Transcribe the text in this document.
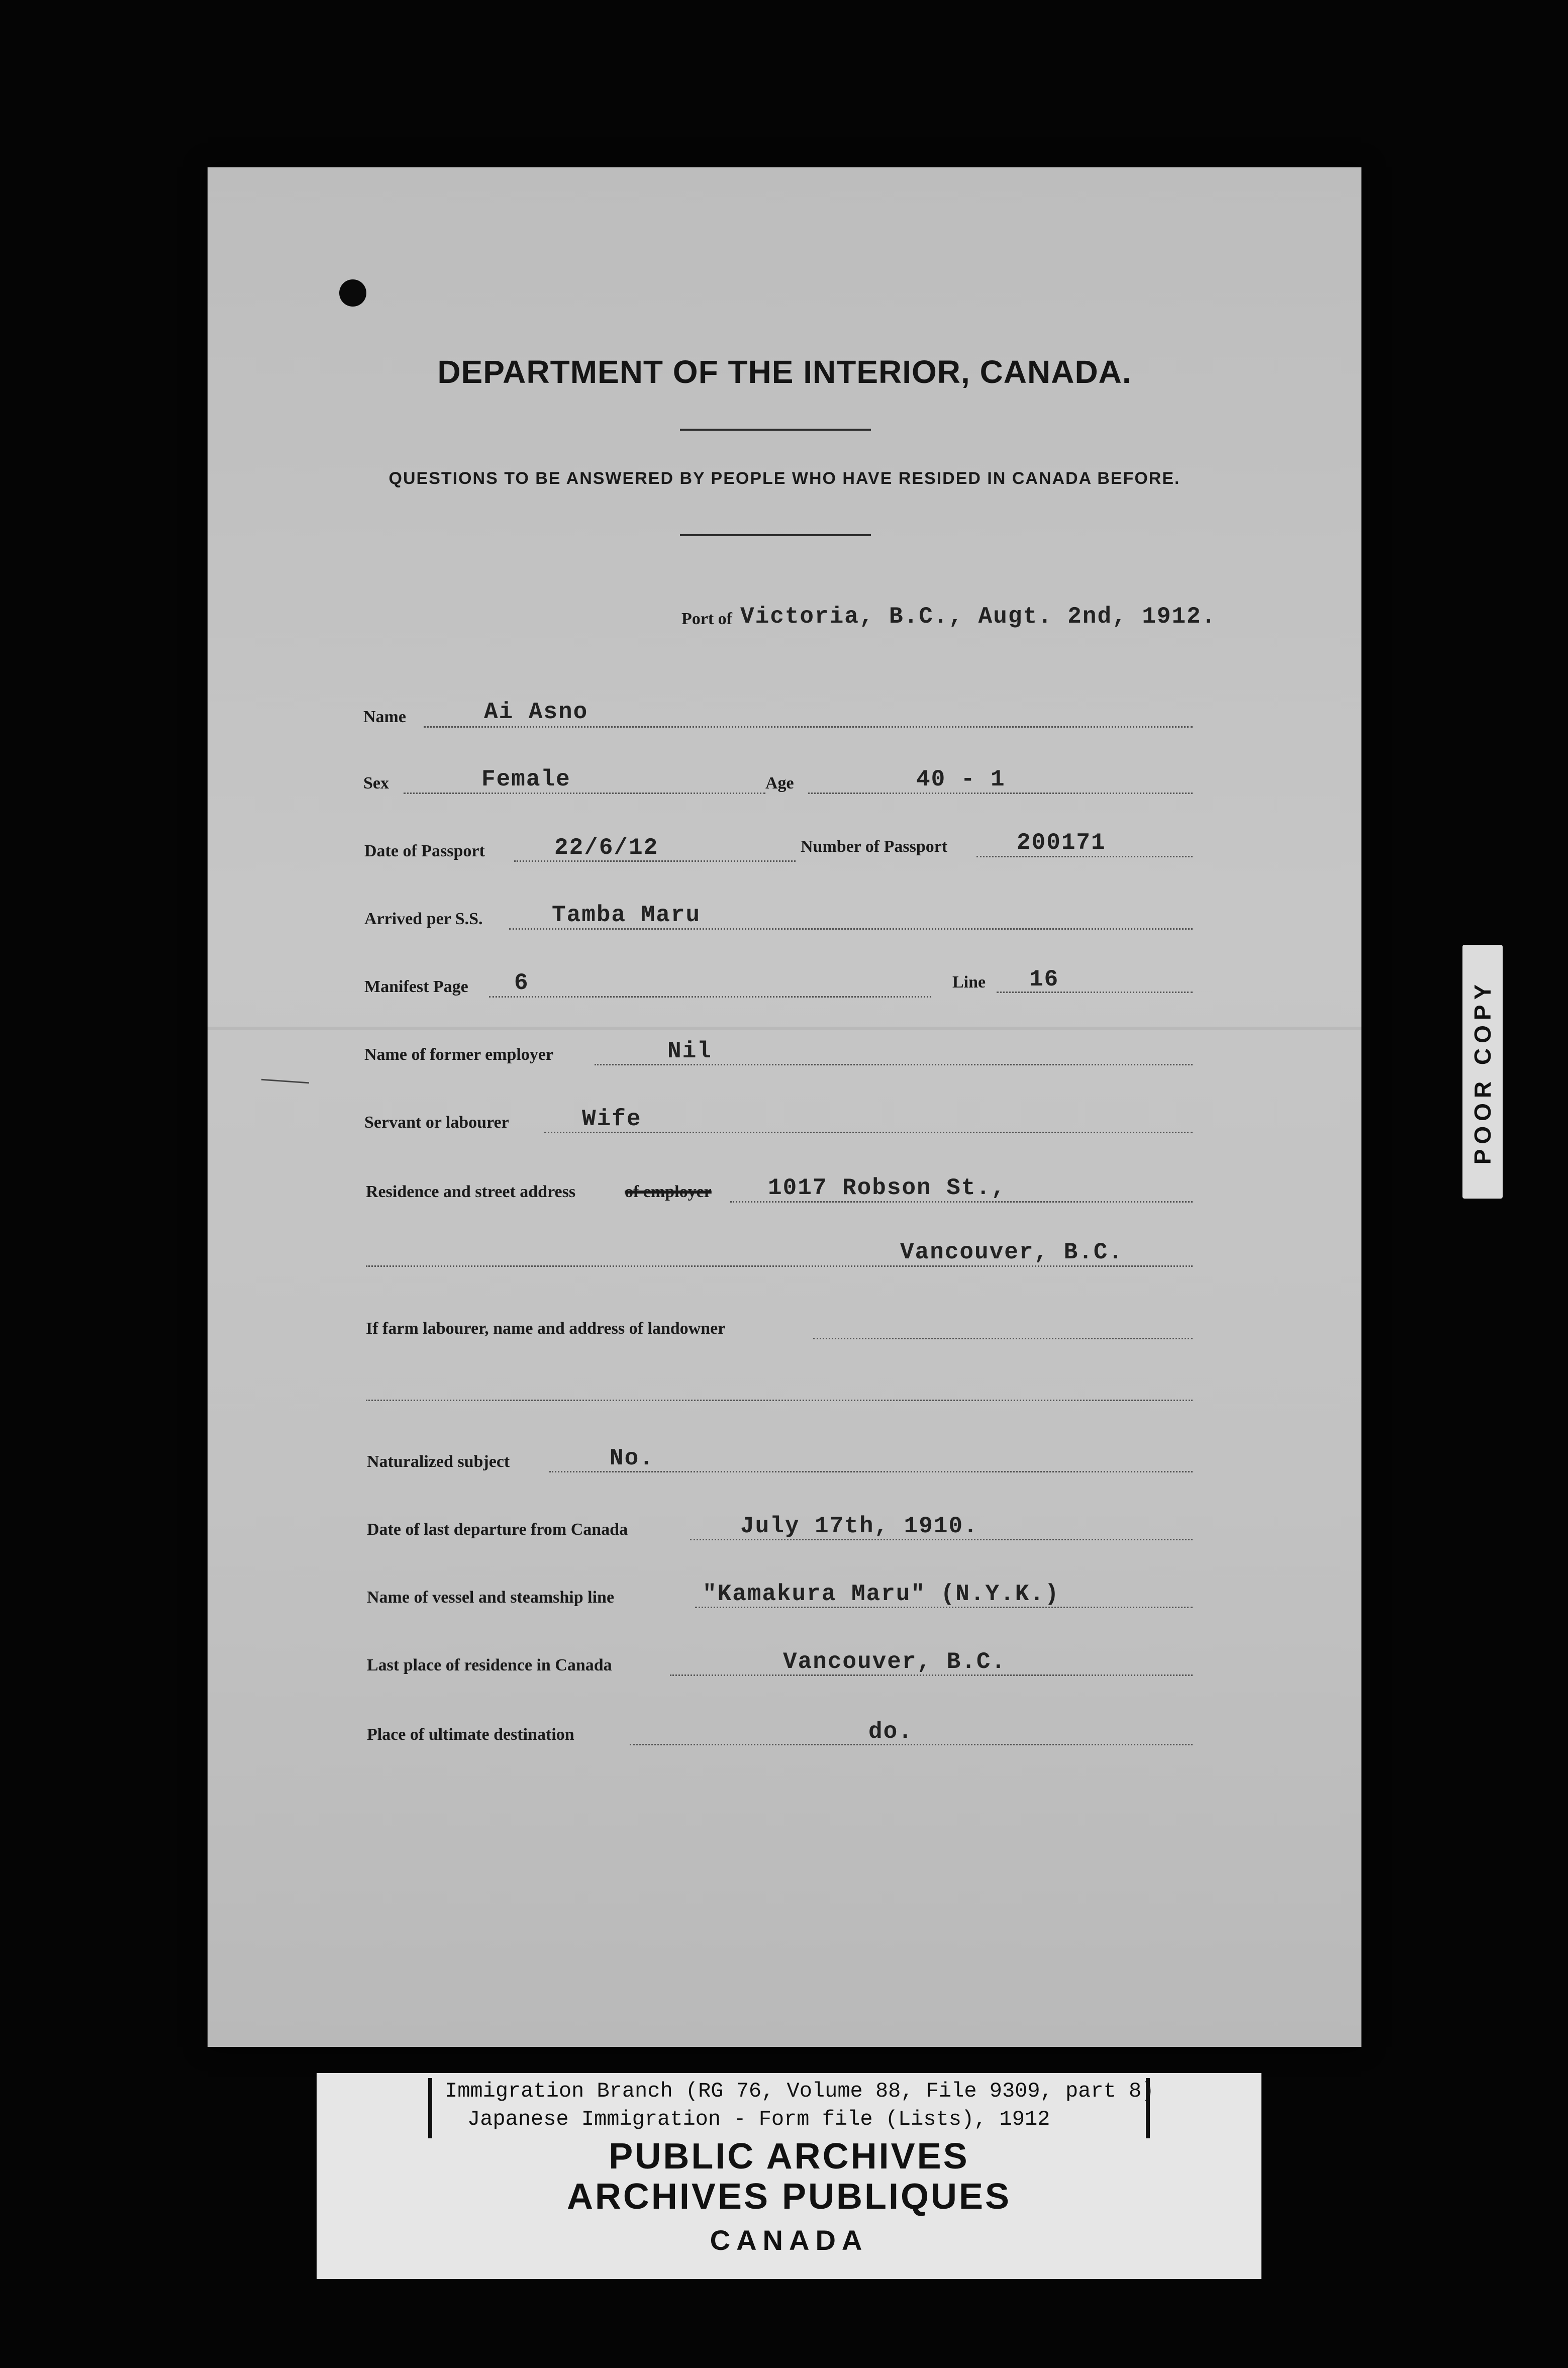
DEPARTMENT OF THE INTERIOR, CANADA.
QUESTIONS TO BE ANSWERED BY PEOPLE WHO HAVE RESIDED IN CANADA BEFORE.
Port of Victoria, B.C., Augt. 2nd, 1912.
Name	Ai Asno
Sex	Female	Age	40 - 1
Date of Passport	22/6/12	Number of Passport	200171
Arrived per S.S.	Tamba Maru
Manifest Page 6	Line 16
Name of former employer	Nil
Servant or labourer	Wife
Residence and street address	of employer 1017 Robson St.,
Vancouver, B.C.
If farm labourer, name and address of landowner
Naturalized subject	No.
Date of last departure from Canada	July 17th, 1910.
Name of vessel and steamship line	"Kamakura Maru" (N.Y.K.)
Last place of residence in Canada	Vancouver, B.C.
Place of ultimate destination	do.
POOR COPY
Immigration Branch (RG 76, Volume 88, File 9309, part 8)
Japanese Immigration - Form file (Lists), 1912
PUBLIC ARCHIVES
ARCHIVES PUBLIQUES
CANADA
